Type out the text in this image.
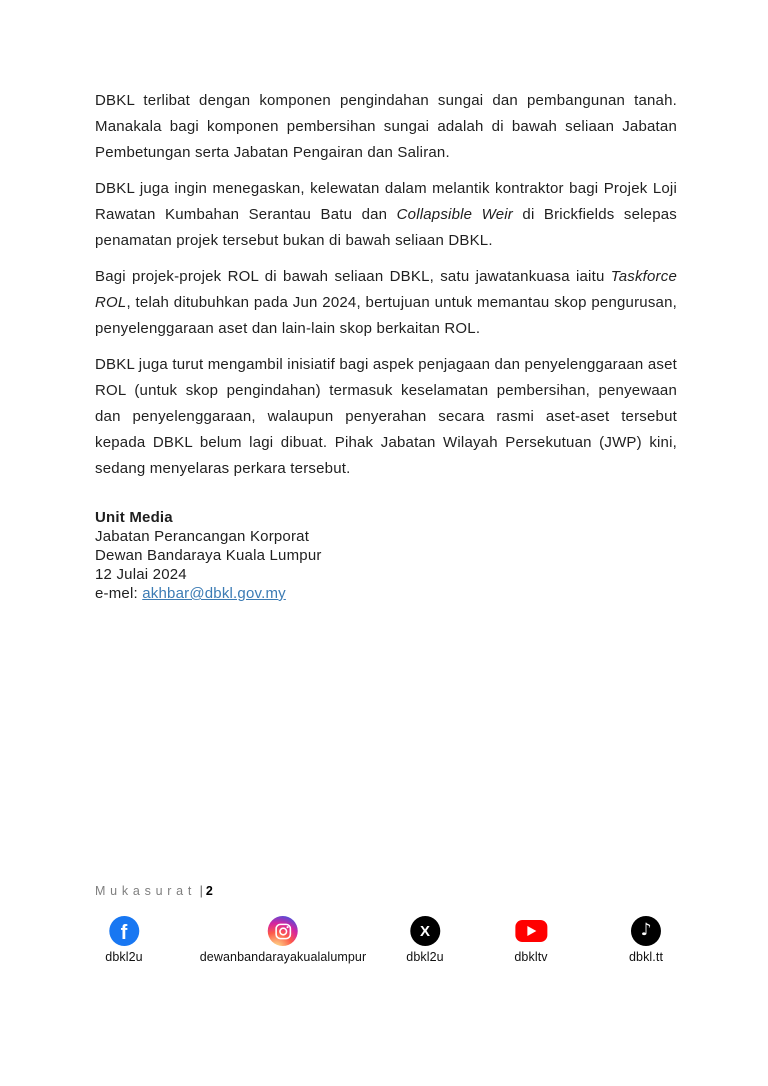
DBKL terlibat dengan komponen pengindahan sungai dan pembangunan tanah. Manakala bagi komponen pembersihan sungai adalah di bawah seliaan Jabatan Pembetungan serta Jabatan Pengairan dan Saliran.

DBKL juga ingin menegaskan, kelewatan dalam melantik kontraktor bagi Projek Loji Rawatan Kumbahan Serantau Batu dan Collapsible Weir di Brickfields selepas penamatan projek tersebut bukan di bawah seliaan DBKL.

Bagi projek-projek ROL di bawah seliaan DBKL, satu jawatankuasa iaitu Taskforce ROL, telah ditubuhkan pada Jun 2024, bertujuan untuk memantau skop pengurusan, penyelenggaraan aset dan lain-lain skop berkaitan ROL.

DBKL juga turut mengambil inisiatif bagi aspek penjagaan dan penyelenggaraan aset ROL (untuk skop pengindahan) termasuk keselamatan pembersihan, penyewaan dan penyelenggaraan, walaupun penyerahan secara rasmi aset-aset tersebut kepada DBKL belum lagi dibuat. Pihak Jabatan Wilayah Persekutuan (JWP) kini, sedang menyelaras perkara tersebut.

Unit Media
Jabatan Perancangan Korporat
Dewan Bandaraya Kuala Lumpur
12 Julai 2024
e-mel: akhbar@dbkl.gov.my
Mukasurat | 2
f
dbkl2u	dewanbandarayakualalumpur
X
dbkl2u	dbkltv
♪
dbkl.tt
